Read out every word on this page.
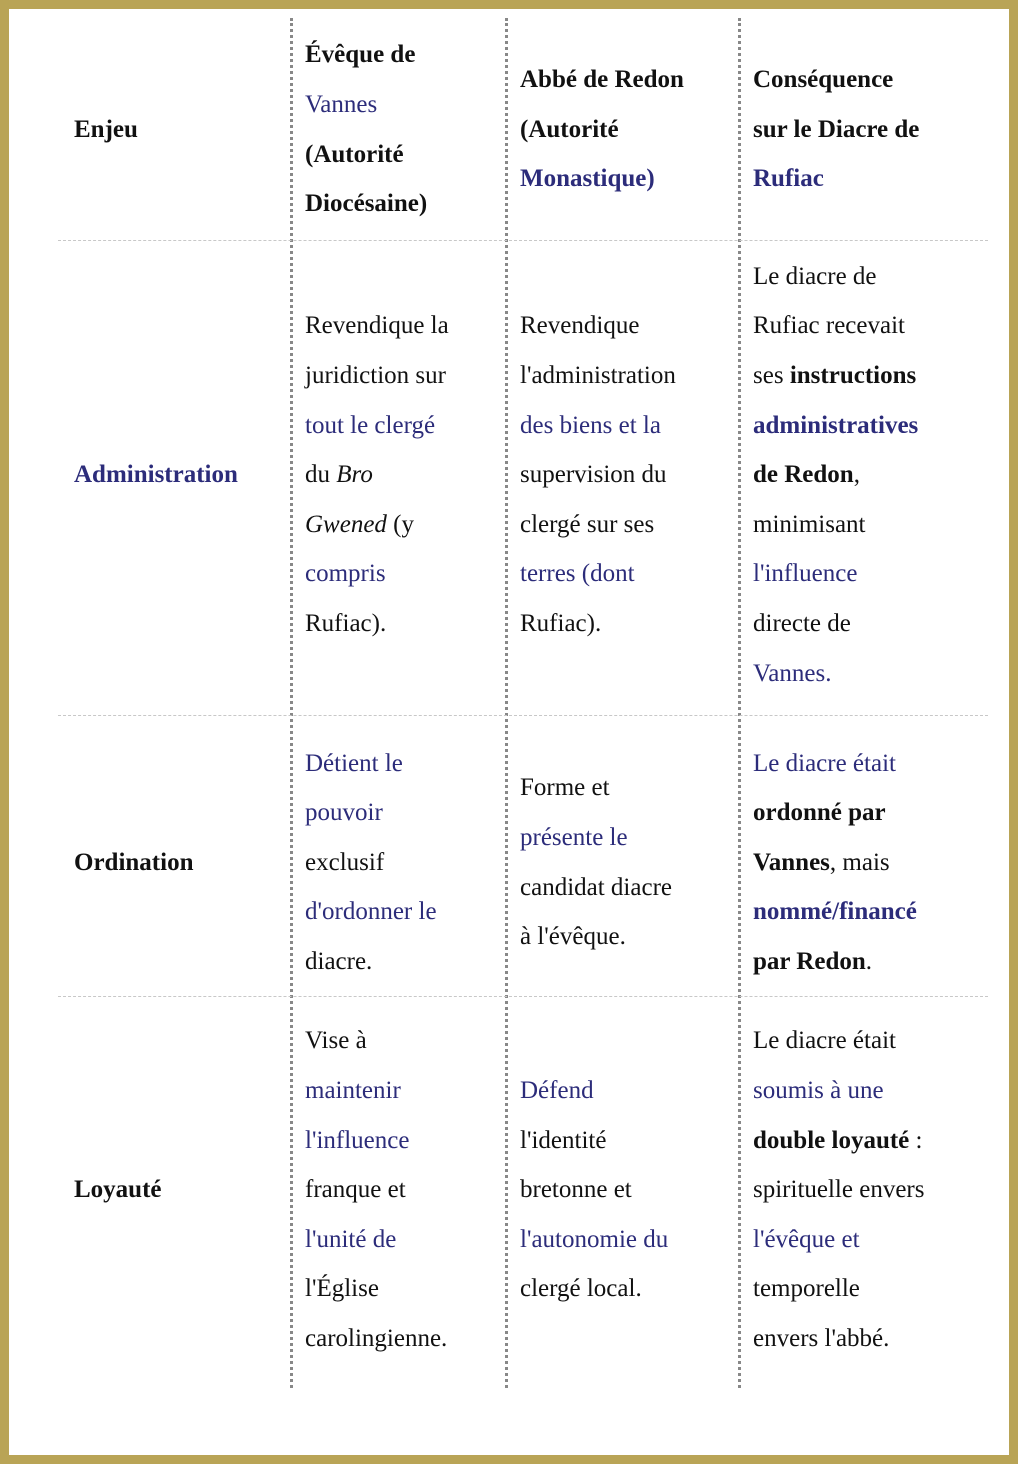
Enjeu
Évêque de
Vannes
(Autorité
Diocésaine)
Abbé de Redon
(Autorité
Monastique)
Conséquence
sur le Diacre de
Rufiac
Administration
Revendique la
juridiction sur
tout le clergé
du Bro
Gwened (y
compris
Rufiac).
Revendique
l'administration
des biens et la
supervision du
clergé sur ses
terres (dont
Rufiac).
Le diacre de
Rufiac recevait
ses instructions
administratives
de Redon,
minimisant
l'influence
directe de
Vannes.
Ordination
Détient le
pouvoir
exclusif
d'ordonner le
diacre.
Forme et
présente le
candidat diacre
à l'évêque.
Le diacre était
ordonné par
Vannes, mais
nommé/financé
par Redon.
Loyauté
Vise à
maintenir
l'influence
franque et
l'unité de
l'Église
carolingienne.
Défend
l'identité
bretonne et
l'autonomie du
clergé local.
Le diacre était
soumis à une
double loyauté :
spirituelle envers
l'évêque et
temporelle
envers l'abbé.
